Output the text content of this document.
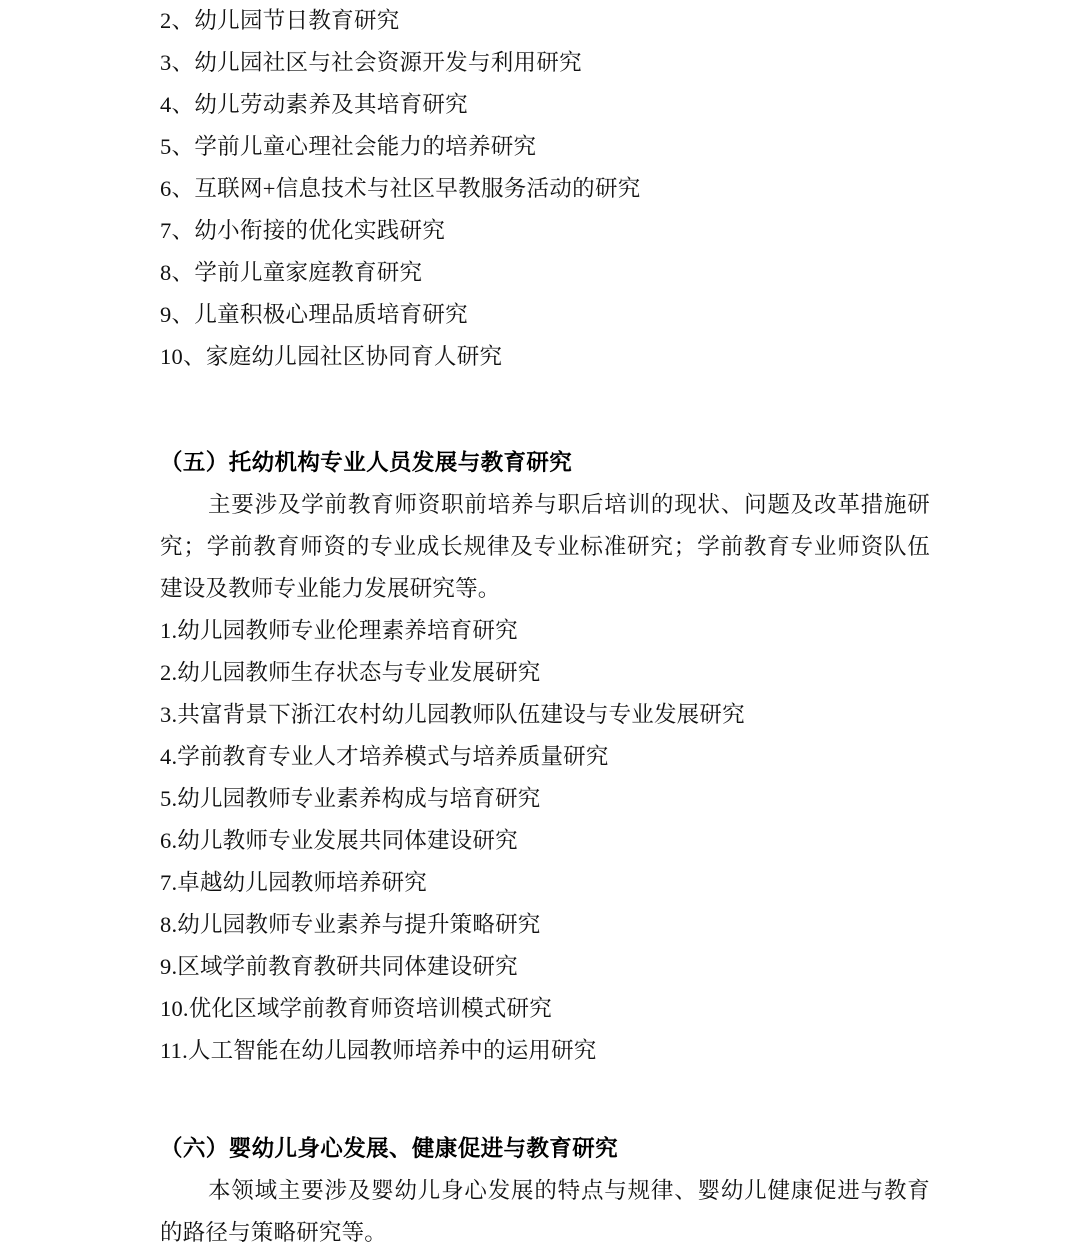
2、幼儿园节日教育研究
3、幼儿园社区与社会资源开发与利用研究
4、幼儿劳动素养及其培育研究
5、学前儿童心理社会能力的培养研究
6、互联网+信息技术与社区早教服务活动的研究
7、幼小衔接的优化实践研究
8、学前儿童家庭教育研究
9、儿童积极心理品质培育研究
10、家庭幼儿园社区协同育人研究
（五）托幼机构专业人员发展与教育研究
主要涉及学前教育师资职前培养与职后培训的现状、问题及改革措施研究；学前教育师资的专业成长规律及专业标准研究；学前教育专业师资队伍建设及教师专业能力发展研究等。
1.幼儿园教师专业伦理素养培育研究
2.幼儿园教师生存状态与专业发展研究
3.共富背景下浙江农村幼儿园教师队伍建设与专业发展研究
4.学前教育专业人才培养模式与培养质量研究
5.幼儿园教师专业素养构成与培育研究
6.幼儿教师专业发展共同体建设研究
7.卓越幼儿园教师培养研究
8.幼儿园教师专业素养与提升策略研究
9.区域学前教育教研共同体建设研究
10.优化区域学前教育师资培训模式研究
11.人工智能在幼儿园教师培养中的运用研究
（六）婴幼儿身心发展、健康促进与教育研究
本领域主要涉及婴幼儿身心发展的特点与规律、婴幼儿健康促进与教育的路径与策略研究等。
